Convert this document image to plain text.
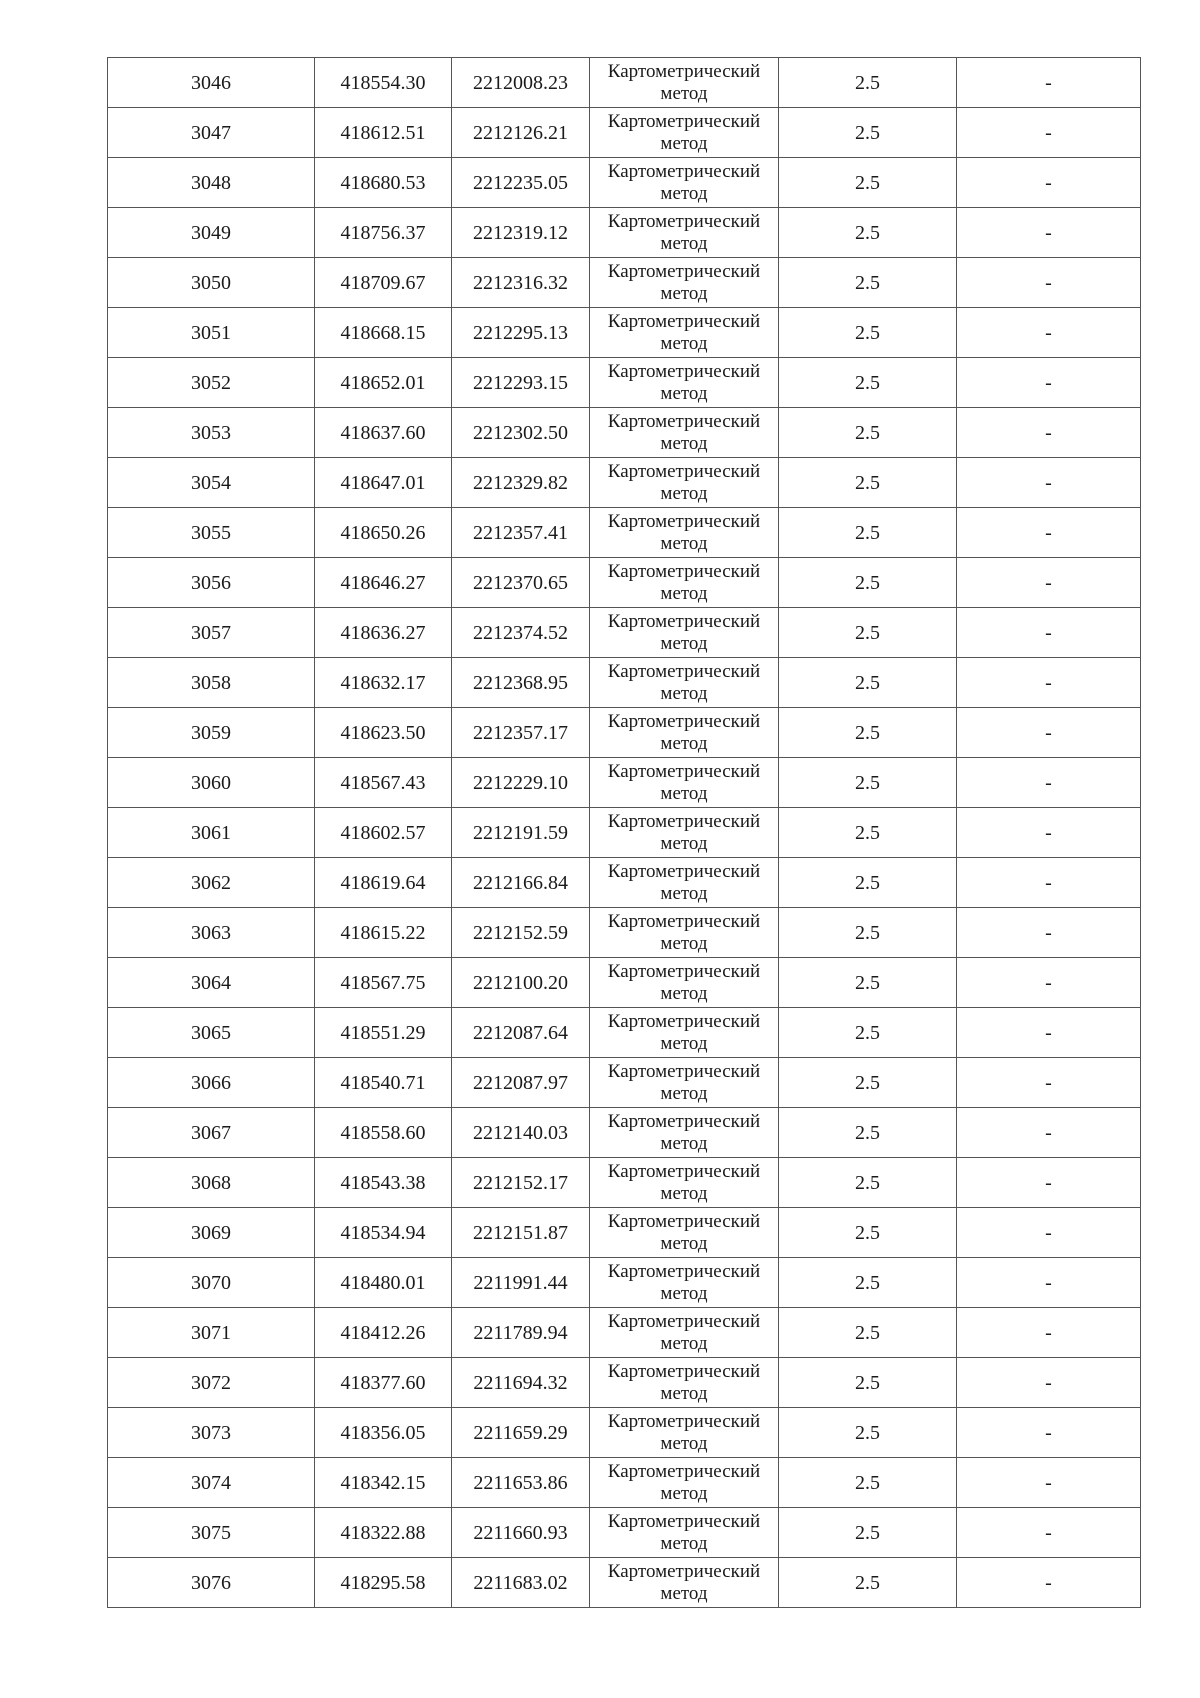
3046	418554.30	2212008.23	Картометрический
метод	2.5	-
3047	418612.51	2212126.21	Картометрический
метод	2.5	-
3048	418680.53	2212235.05	Картометрический
метод	2.5	-
3049	418756.37	2212319.12	Картометрический
метод	2.5	-
3050	418709.67	2212316.32	Картометрический
метод	2.5	-
3051	418668.15	2212295.13	Картометрический
метод	2.5	-
3052	418652.01	2212293.15	Картометрический
метод	2.5	-
3053	418637.60	2212302.50	Картометрический
метод	2.5	-
3054	418647.01	2212329.82	Картометрический
метод	2.5	-
3055	418650.26	2212357.41	Картометрический
метод	2.5	-
3056	418646.27	2212370.65	Картометрический
метод	2.5	-
3057	418636.27	2212374.52	Картометрический
метод	2.5	-
3058	418632.17	2212368.95	Картометрический
метод	2.5	-
3059	418623.50	2212357.17	Картометрический
метод	2.5	-
3060	418567.43	2212229.10	Картометрический
метод	2.5	-
3061	418602.57	2212191.59	Картометрический
метод	2.5	-
3062	418619.64	2212166.84	Картометрический
метод	2.5	-
3063	418615.22	2212152.59	Картометрический
метод	2.5	-
3064	418567.75	2212100.20	Картометрический
метод	2.5	-
3065	418551.29	2212087.64	Картометрический
метод	2.5	-
3066	418540.71	2212087.97	Картометрический
метод	2.5	-
3067	418558.60	2212140.03	Картометрический
метод	2.5	-
3068	418543.38	2212152.17	Картометрический
метод	2.5	-
3069	418534.94	2212151.87	Картометрический
метод	2.5	-
3070	418480.01	2211991.44	Картометрический
метод	2.5	-
3071	418412.26	2211789.94	Картометрический
метод	2.5	-
3072	418377.60	2211694.32	Картометрический
метод	2.5	-
3073	418356.05	2211659.29	Картометрический
метод	2.5	-
3074	418342.15	2211653.86	Картометрический
метод	2.5	-
3075	418322.88	2211660.93	Картометрический
метод	2.5	-
3076	418295.58	2211683.02	Картометрический
метод	2.5	-
